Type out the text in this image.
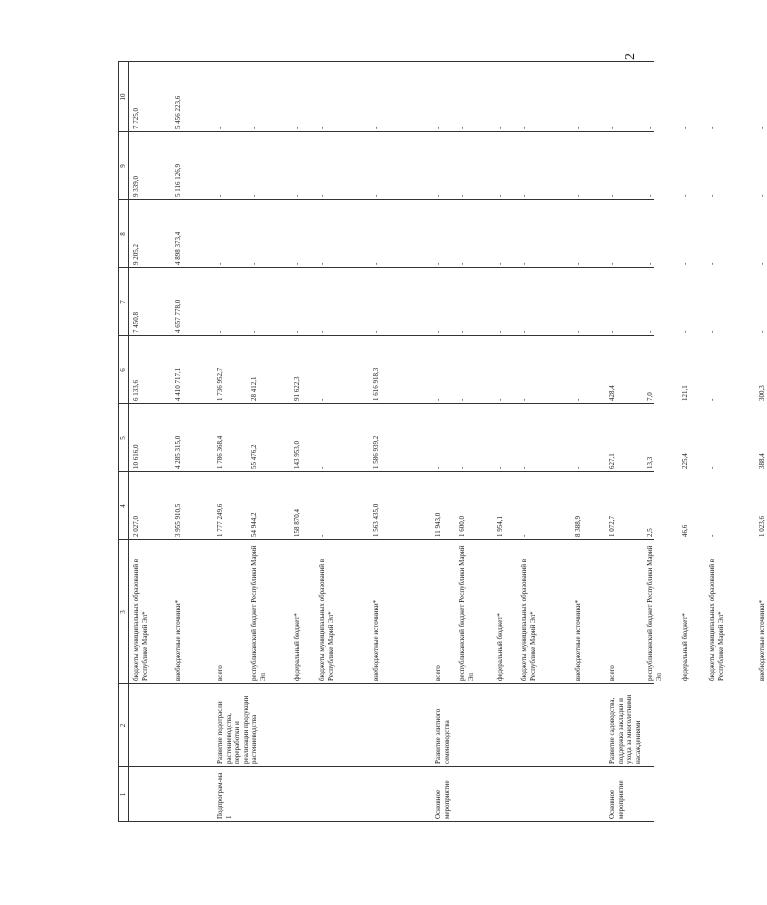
2
1
2
3
4
5
6
7
8
9
10
бюджеты муниципальных образований в Республике Марий Эл*
2 027,0
10 616,0
6 133,6
7 450,8
9 205,2
9 339,0
7 725,0
внебюджетные источники*
3 955 910,5
4 285 315,0
4 410 717,1
4 657 778,0
4 898 373,4
5 116 126,9
5 456 223,6
Подпрограм-ма 1
Развитие подотрасли растениеводства, переработки и реализации продукции растениеводства
всего
1 777 249,6
1 786 368,4
1 736 952,7
-
-
-
-
республиканский бюджет Республики Марий Эл
54 944,2
55 476,2
28 412,1
-
-
-
-
федеральный бюджет*
158 870,4
143 953,0
91 622,3
-
-
-
-
бюджеты муниципальных образований в Республике Марий Эл*
-
-
-
-
-
-
-
внебюджетные источники*
1 563 435,0
1 586 939,2
1 616 918,3
-
-
-
-
Основное мероприятие
Развитие элитного семеноводства
всего
11 943,0
-
-
-
-
-
-
республиканский бюджет Республики Марий Эл
1 600,0
-
-
-
-
-
-
федеральный бюджет*
1 954,1
-
-
-
-
-
-
бюджеты муниципальных образований в Республике Марий Эл*
-
-
-
-
-
-
-
внебюджетные источники*
8 388,9
-
-
-
-
-
-
Основное мероприятие
Развитие садоводства, поддержка закладки и ухода за многолетними насаждениями
всего
1 072,7
627,1
428,4
-
-
-
-
республиканский бюджет Республики Марий Эл
2,5
13,3
7,0
-
-
-
-
федеральный бюджет*
46,6
225,4
121,1
-
-
-
-
бюджеты муниципальных образований в Республике Марий Эл*
-
-
-
-
-
-
-
внебюджетные источники*
1 023,6
388,4
300,3
-
-
-
-
